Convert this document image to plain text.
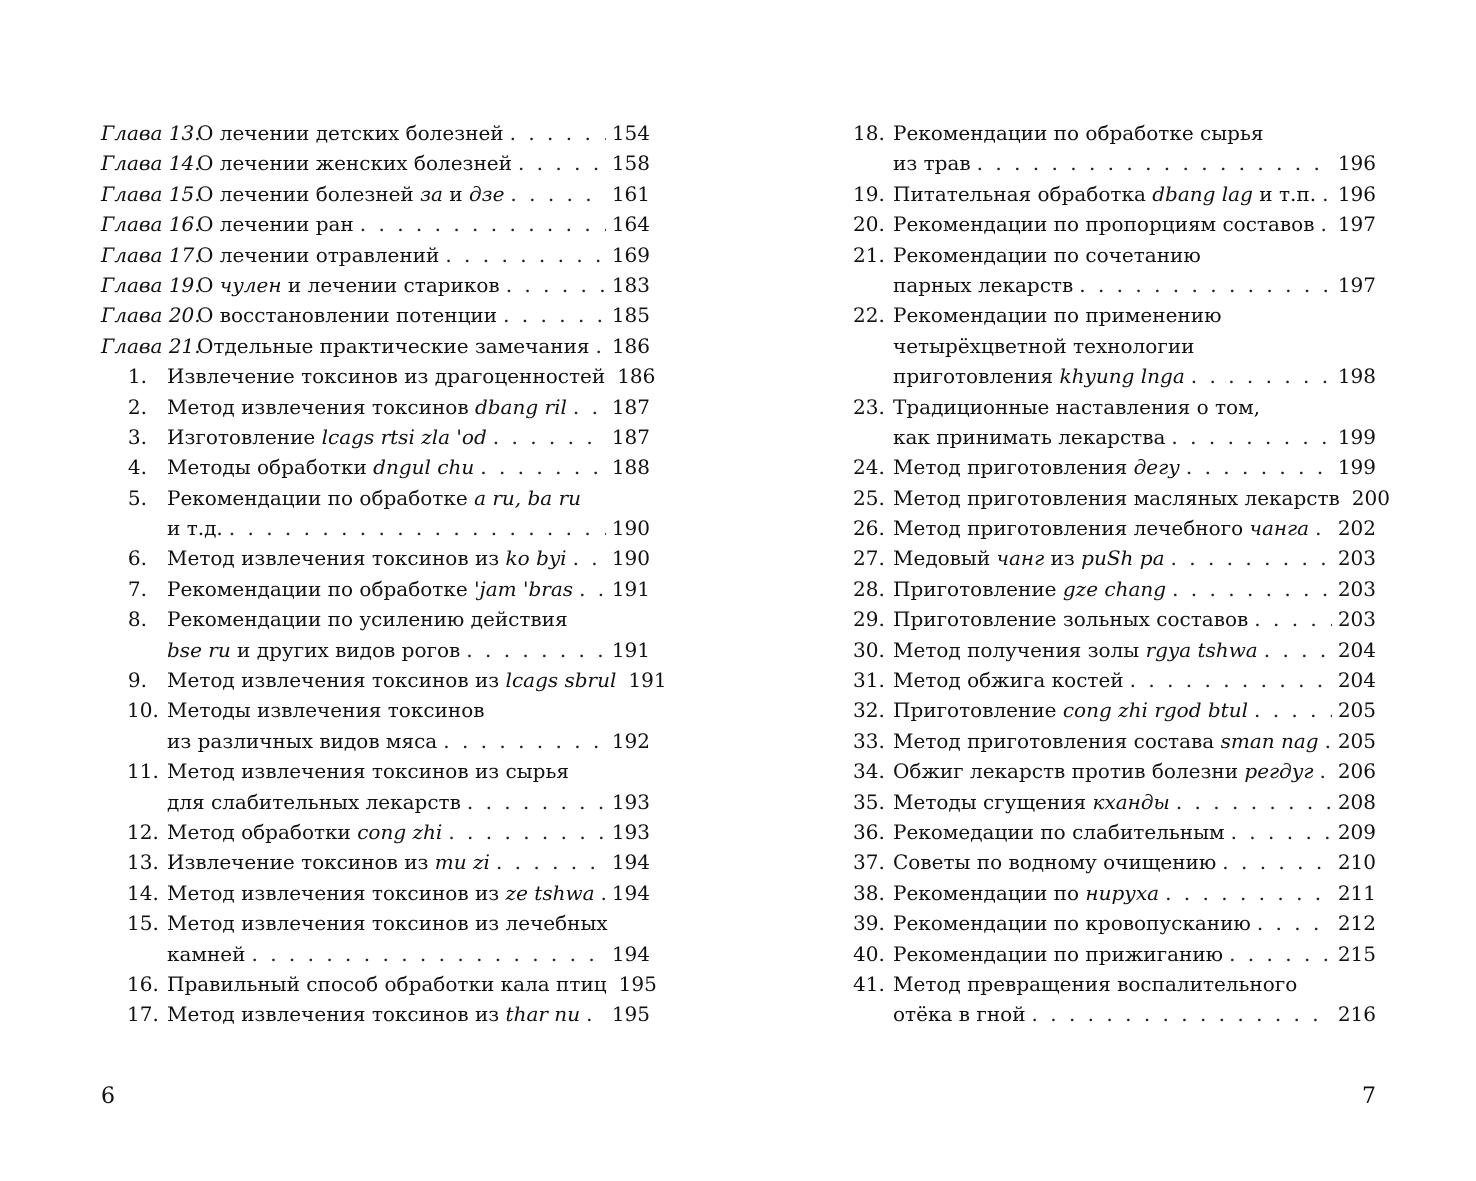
Глава 13.О лечении детских болезней . . .	154
Глава 14.О лечении женских болезней . . .	158
Глава 15.О лечении болезней за и дзе . . .	161
Глава 16.О лечении ран . . .	164
Глава 17.О лечении отравлений . . .	169
Глава 19.О чулен и лечении стариков . . .	183
Глава 20.О восстановлении потенции . . .	185
Глава 21.Отдельные практические замечания . . . 186
1. Извлечение токсинов из драгоценностей 186
2. Метод извлечения токсинов dbang ril . . . 187
3. Изготовление lcags rtsi zla 'od . . .	187
4. Методы обработки dngul chu . . .	188
5. Рекомендации по обработке a ru, ba ru
и т.д. . . .	190
6. Метод извлечения токсинов из ko byi . . . 190
7. Рекомендации по обработке 'jam 'bras . . . 191
8. Рекомендации по усилению действия
bse ru и других видов рогов . . .	191
9. Метод извлечения токсинов из lcags sbrul 191
10. Методы извлечения токсинов
из различных видов мяса . . .	192
11. Метод извлечения токсинов из сырья
для слабительных лекарств . . .	193
12. Метод обработки cong zhi . . .	193
13. Извлечение токсинов из mu zi . . .	194
14. Метод извлечения токсинов из ze tshwa . . . 194
15. Метод извлечения токсинов из лечебных
камней . . .	194
16. Правильный способ обработки кала птиц 195
17. Метод извлечения токсинов из thar nu . . . 195
18. Рекомендации по обработке сырья
из трав . . .	196
19. Питательная обработка dbang lag и т.п. . . . 196
20. Рекомендации по пропорциям составов . . . 197
21. Рекомендации по сочетанию
парных лекарств . . .	197
22. Рекомендации по применению
четырёхцветной технологии
приготовления khyung lnga . . .	198
23. Традиционные наставления о том,
как принимать лекарства . . .	199
24. Метод приготовления дегу . . .	199
25. Метод приготовления масляных лекарств 200
26. Метод приготовления лечебного чанга . . . 202
27. Медовый чанг из puSh pa . . .	203
28. Приготовление gze chang . . .	203
29. Приготовление зольных составов . . .	203
30. Метод получения золы rgya tshwa . . .	204
31. Метод обжига костей . . .	204
32. Приготовление cong zhi rgod btul . . .	205
33. Метод приготовления состава sman nag . . . 205
34. Обжиг лекарств против болезни регдуг . . . 206
35. Методы сгущения кханды . . .	208
36. Рекомедации по слабительным . . .	209
37. Советы по водному очищению . . .	210
38. Рекомендации по нируха . . .	211
39. Рекомендации по кровопусканию . . .	212
40. Рекомендации по прижиганию . . .	215
41. Метод превращения воспалительного
отёка в гной . . .	216
6	7
